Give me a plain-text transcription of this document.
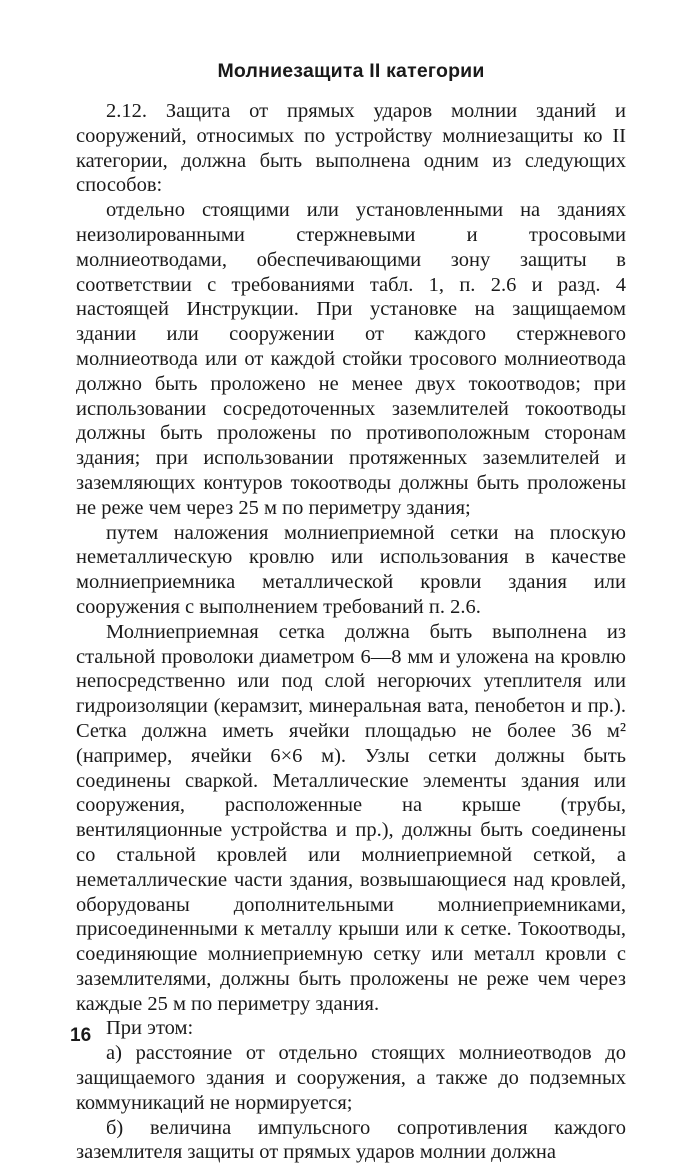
Молниезащита II категории

2.12. Защита от прямых ударов молнии зданий и сооружений, относимых по устройству молниезащиты ко II категории, должна быть выполнена одним из следующих способов:

отдельно стоящими или установленными на зданиях неизолированными стержневыми и тросовыми молниеотводами, обеспечивающими зону защиты в соответствии с требованиями табл. 1, п. 2.6 и разд. 4 настоящей Инструкции. При установке на защищаемом здании или сооружении от каждого стержневого молниеотвода или от каждой стойки тросового молниеотвода должно быть проложено не менее двух токоотводов; при использовании сосредоточенных заземлителей токоотводы должны быть проложены по противоположным сторонам здания; при использовании протяженных заземлителей и заземляющих контуров токоотводы должны быть проложены не реже чем через 25 м по периметру здания;

путем наложения молниеприемной сетки на плоскую неметаллическую кровлю или использования в качестве молниеприемника металлической кровли здания или сооружения с выполнением требований п. 2.6.

Молниеприемная сетка должна быть выполнена из стальной проволоки диаметром 6—8 мм и уложена на кровлю непосредственно или под слой негорючих утеплителя или гидроизоляции (керамзит, минеральная вата, пенобетон и пр.). Сетка должна иметь ячейки площадью не более 36 м² (например, ячейки 6×6 м). Узлы сетки должны быть соединены сваркой. Металлические элементы здания или сооружения, расположенные на крыше (трубы, вентиляционные устройства и пр.), должны быть соединены со стальной кровлей или молниеприемной сеткой, а неметаллические части здания, возвышающиеся над кровлей, оборудованы дополнительными молниеприемниками, присоединенными к металлу крыши или к сетке. Токоотводы, соединяющие молниеприемную сетку или металл кровли с заземлителями, должны быть проложены не реже чем через каждые 25 м по периметру здания.

При этом:

а) расстояние от отдельно стоящих молниеотводов до защищаемого здания и сооружения, а также до подземных коммуникаций не нормируется;

б) величина импульсного сопротивления каждого заземлителя защиты от прямых ударов молнии должна

16
